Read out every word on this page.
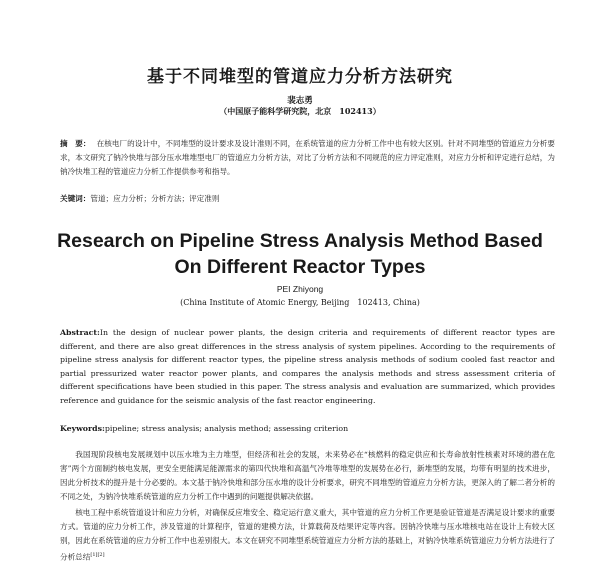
基于不同堆型的管道应力分析方法研究
裴志勇
（中国原子能科学研究院，北京　102413）
摘　要： 在核电厂的设计中，不同堆型的设计要求及设计准则不同，在系统管道的应力分析工作中也有较大区别。针对不同堆型的管道应力分析要求，本文研究了钠冷快堆与部分压水堆堆型电厂的管道应力分析方法，对比了分析方法和不同规范的应力评定准则，对应力分析和评定进行总结，为钠冷快堆工程的管道应力分析工作提供参考和指导。
关键词：管道；应力分析；分析方法；评定准则
Research on Pipeline Stress Analysis Method Based
On Different Reactor Types
PEI Zhiyong
(China Institute of Atomic Energy, Beijing　102413, China)
Abstract:In the design of nuclear power plants, the design criteria and requirements of different reactor types are different, and there are also great differences in the stress analysis of system pipelines. According to the requirements of pipeline stress analysis for different reactor types, the pipeline stress analysis methods of sodium cooled fast reactor and partial pressurized water reactor power plants, and compares the analysis methods and stress assessment criteria of different specifications have been studied in this paper. The stress analysis and evaluation are summarized, which provides reference and guidance for the seismic analysis of the fast reactor engineering.
Keywords:pipeline; stress analysis; analysis method; assessing criterion

我国现阶段核电发展规划中以压水堆为主力堆型，但经济和社会的发展，未来势必在“核燃料的稳定供应和长寿命放射性核素对环境的潜在危害”两个方面制约核电发展，更安全更能满足能源需求的第四代快堆和高温气冷堆等堆型的发展势在必行，新堆型的发展，均带有明显的技术进步，因此分析技术的提升是十分必要的。本文基于钠冷快堆和部分压水堆的设计分析要求，研究不同堆型的管道应力分析方法，更深入的了解二者分析的不同之处，为钠冷快堆系统管道的应力分析工作中遇到的问题提供解决依据。

核电工程中系统管道设计和应力分析，对确保反应堆安全、稳定运行意义重大，其中管道的应力分析工作更是验证管道是否满足设计要求的重要方式。管道的应力分析工作，涉及管道的计算程序，管道的建模方法，计算载荷及结果评定等内容。因钠冷快堆与压水堆核电站在设计上有较大区别，因此在系统管道的应力分析工作中也差别很大。本文在研究不同堆型系统管道应力分析方法的基础上，对钠冷快堆系统管道应力分析方法进行了分析总结[1][2]
